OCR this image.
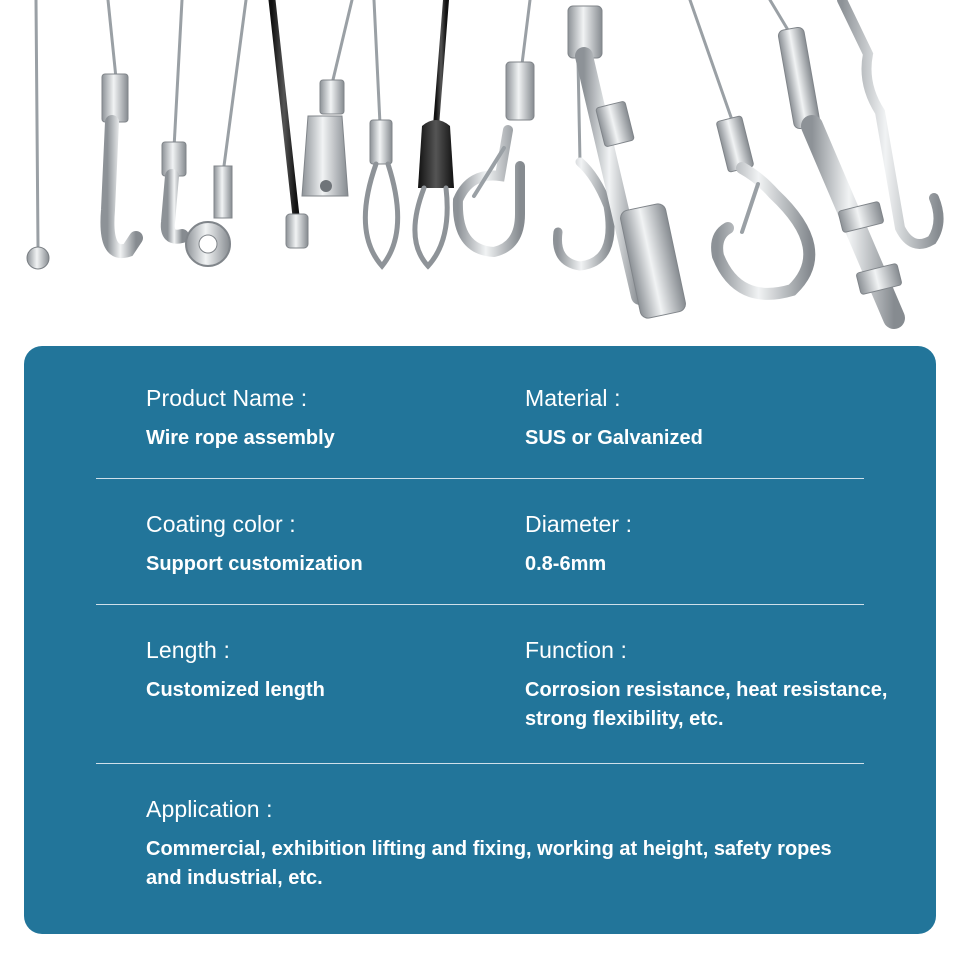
Product Name :
Wire rope assembly
Material :
SUS or Galvanized
Coating color :
Support customization
Diameter :
0.8-6mm
Length :
Customized length
Function :
Corrosion resistance, heat resistance, strong flexibility, etc.
Application :
Commercial, exhibition lifting and fixing, working at height, safety ropes and industrial, etc.
